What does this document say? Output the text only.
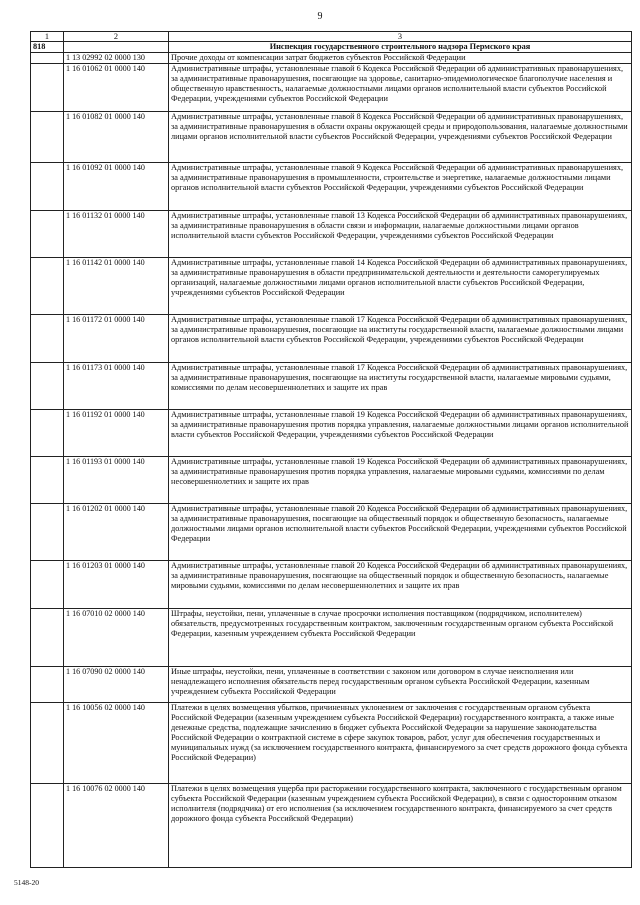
9
1	2	3
818		Инспекция государственного строительного надзора Пермского края
	1 13 02992 02 0000 130	Прочие доходы от компенсации затрат бюджетов субъектов Российской Федерации
	1 16 01062 01 0000 140	Административные штрафы, установленные главой 6 Кодекса Российской Федерации об административных правонарушениях, за административные правонарушения, посягающие на здоровье, санитарно-эпидемиологическое благополучие населения и общественную нравственность, налагаемые должностными лицами органов исполнительной власти субъектов Российской Федерации, учреждениями субъектов Российской Федерации
	1 16 01082 01 0000 140	Административные штрафы, установленные главой 8 Кодекса Российской Федерации об административных правонарушениях, за административные правонарушения в области охраны окружающей среды и природопользования, налагаемые должностными лицами органов исполнительной власти субъектов Российской Федерации, учреждениями субъектов Российской Федерации
	1 16 01092 01 0000 140	Административные штрафы, установленные главой 9 Кодекса Российской Федерации об административных правонарушениях, за административные правонарушения в промышленности, строительстве и энергетике, налагаемые должностными лицами органов исполнительной власти субъектов Российской Федерации, учреждениями субъектов Российской Федерации
	1 16 01132 01 0000 140	Административные штрафы, установленные главой 13 Кодекса Российской Федерации об административных правонарушениях, за административные правонарушения в области связи и информации, налагаемые должностными лицами органов исполнительной власти субъектов Российской Федерации, учреждениями субъектов Российской Федерации
	1 16 01142 01 0000 140	Административные штрафы, установленные главой 14 Кодекса Российской Федерации об административных правонарушениях, за административные правонарушения в области предпринимательской деятельности и деятельности саморегулируемых организаций, налагаемые должностными лицами органов исполнительной власти субъектов Российской Федерации, учреждениями субъектов Российской Федерации
	1 16 01172 01 0000 140	Административные штрафы, установленные главой 17 Кодекса Российской Федерации об административных правонарушениях, за административные правонарушения, посягающие на институты государственной власти, налагаемые должностными лицами органов исполнительной власти субъектов Российской Федерации, учреждениями субъектов Российской Федерации
	1 16 01173 01 0000 140	Административные штрафы, установленные главой 17 Кодекса Российской Федерации об административных правонарушениях, за административные правонарушения, посягающие на институты государственной власти, налагаемые мировыми судьями, комиссиями по делам несовершеннолетних и защите их прав
	1 16 01192 01 0000 140	Административные штрафы, установленные главой 19 Кодекса Российской Федерации об административных правонарушениях, за административные правонарушения против порядка управления, налагаемые должностными лицами органов исполнительной власти субъектов Российской Федерации, учреждениями субъектов Российской Федерации
	1 16 01193 01 0000 140	Административные штрафы, установленные главой 19 Кодекса Российской Федерации об административных правонарушениях, за административные правонарушения против порядка управления, налагаемые мировыми судьями, комиссиями по делам несовершеннолетних и защите их прав
	1 16 01202 01 0000 140	Административные штрафы, установленные главой 20 Кодекса Российской Федерации об административных правонарушениях, за административные правонарушения, посягающие на общественный порядок и общественную безопасность, налагаемые должностными лицами органов исполнительной власти субъектов Российской Федерации, учреждениями субъектов Российской Федерации
	1 16 01203 01 0000 140	Административные штрафы, установленные главой 20 Кодекса Российской Федерации об административных правонарушениях, за административные правонарушения, посягающие на общественный порядок и общественную безопасность, налагаемые мировыми судьями, комиссиями по делам несовершеннолетних и защите их прав
	1 16 07010 02 0000 140	Штрафы, неустойки, пени, уплаченные в случае просрочки исполнения поставщиком (подрядчиком, исполнителем) обязательств, предусмотренных государственным контрактом, заключенным государственным органом субъекта Российской Федерации, казенным учреждением субъекта Российской Федерации
	1 16 07090 02 0000 140	Иные штрафы, неустойки, пени, уплаченные в соответствии с законом или договором в случае неисполнения или ненадлежащего исполнения обязательств перед государственным органом субъекта Российской Федерации, казенным учреждением субъекта Российской Федерации
	1 16 10056 02 0000 140	Платежи в целях возмещения убытков, причиненных уклонением от заключения с государственным органом субъекта Российской Федерации (казенным учреждением субъекта Российской Федерации) государственного контракта, а также иные денежные средства, подлежащие зачислению в бюджет субъекта Российской Федерации за нарушение законодательства Российской Федерации о контрактной системе в сфере закупок товаров, работ, услуг для обеспечения государственных и муниципальных нужд (за исключением государственного контракта, финансируемого за счет средств дорожного фонда субъекта Российской Федерации)
	1 16 10076 02 0000 140	Платежи в целях возмещения ущерба при расторжении государственного контракта, заключенного с государственным органом субъекта Российской Федерации (казенным учреждением субъекта Российской Федерации), в связи с односторонним отказом исполнителя (подрядчика) от его исполнения (за исключением государственного контракта, финансируемого за счет средств дорожного фонда субъекта Российской Федерации)
5148-20
